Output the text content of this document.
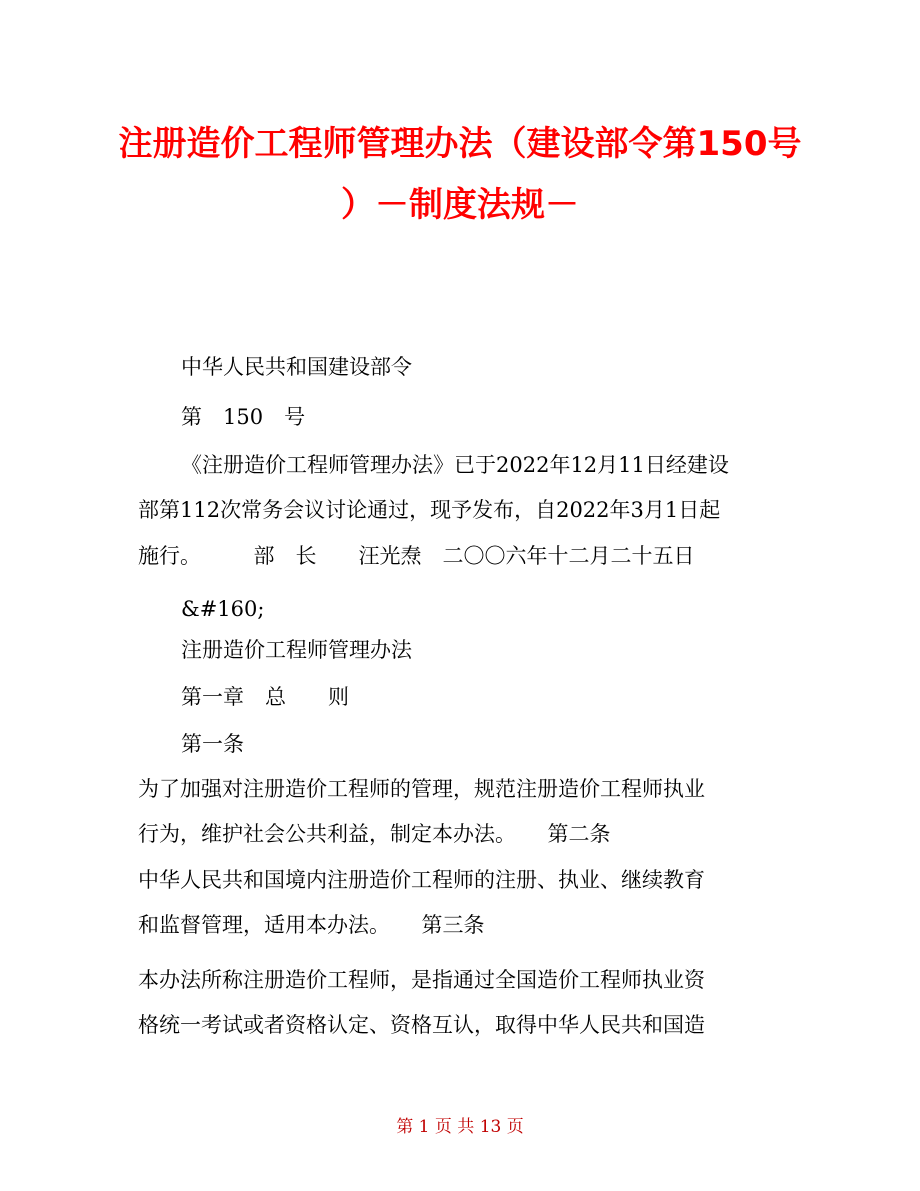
注册造价工程师管理办法（建设部令第150号
）－制度法规－

中华人民共和国建设部令

第　150　号

《注册造价工程师管理办法》已于2022年12月11日经建设

部第112次常务会议讨论通过，现予发布，自2022年3月1日起

施行。　　　部　长　　汪光焘　二〇〇六年十二月二十五日

&#160;

注册造价工程师管理办法

第一章　总　　则

第一条

为了加强对注册造价工程师的管理，规范注册造价工程师执业

行为，维护社会公共利益，制定本办法。　　第二条

中华人民共和国境内注册造价工程师的注册、执业、继续教育

和监督管理，适用本办法。　　第三条

本办法所称注册造价工程师，是指通过全国造价工程师执业资

格统一考试或者资格认定、资格互认，取得中华人民共和国造

第 1 页 共 13 页
